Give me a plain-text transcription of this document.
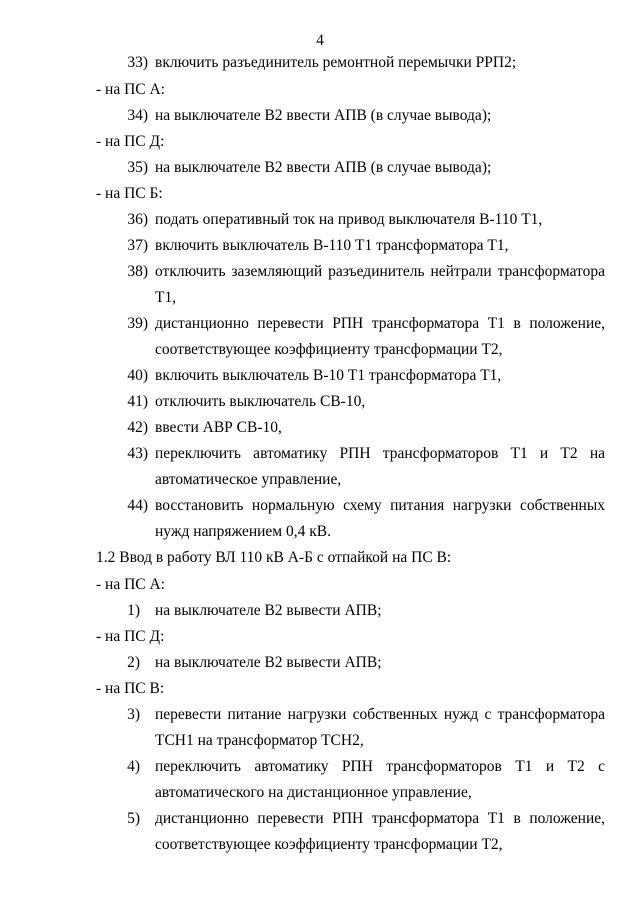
4
33) включить разъединитель ремонтной перемычки РРП2;
- на ПС А:
34) на выключателе В2 ввести АПВ (в случае вывода);
- на ПС Д:
35) на выключателе В2 ввести АПВ (в случае вывода);
- на ПС Б:
36) подать оперативный ток на привод выключателя В-110 Т1,
37) включить выключатель В-110 Т1 трансформатора Т1,
38) отключить заземляющий разъединитель нейтрали трансформатора
Т1,
39) дистанционно перевести РПН трансформатора Т1 в положение,
соответствующее коэффициенту трансформации Т2,
40) включить выключатель В-10 Т1 трансформатора Т1,
41) отключить выключатель СВ-10,
42) ввести АВР СВ-10,
43) переключить автоматику РПН трансформаторов Т1 и Т2 на
автоматическое управление,
44) восстановить нормальную схему питания нагрузки собственных
нужд напряжением 0,4 кВ.
1.2 Ввод в работу ВЛ 110 кВ А-Б с отпайкой на ПС В:
- на ПС А:
1) на выключателе В2 вывести АПВ;
- на ПС Д:
2) на выключателе В2 вывести АПВ;
- на ПС В:
3) перевести питание нагрузки собственных нужд с трансформатора
ТСН1 на трансформатор ТСН2,
4) переключить автоматику РПН трансформаторов Т1 и Т2 с
автоматического на дистанционное управление,
5) дистанционно перевести РПН трансформатора Т1 в положение,
соответствующее коэффициенту трансформации Т2,
